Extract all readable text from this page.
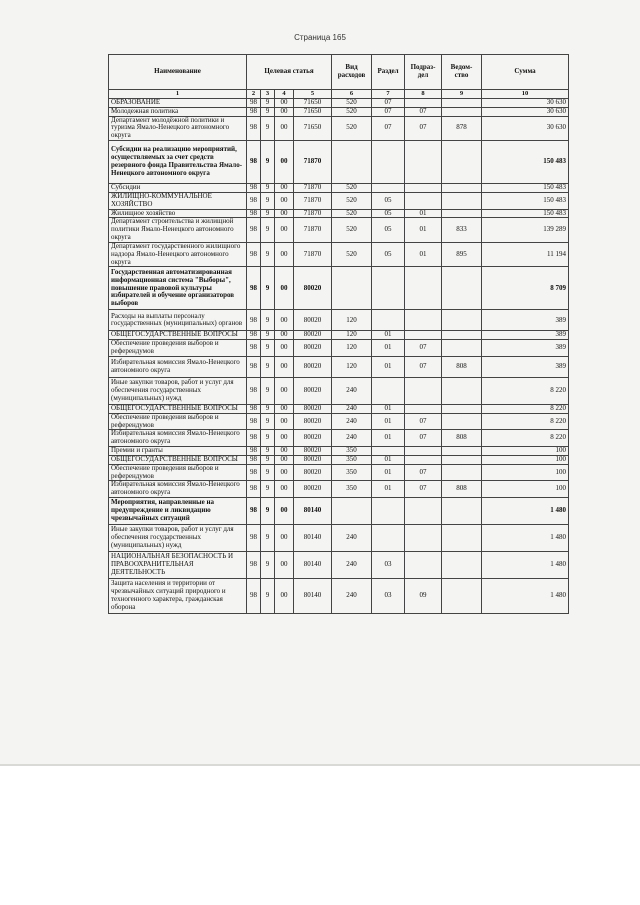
Страница 165
Наименование	Целевая статья				Вид расходов	Раздел	Подраз-дел	Ведом-ство	Сумма
1	2	3	4	5	6	7	8	9	10
ОБРАЗОВАНИЕ	98	9	00	71650	520	07			30 630
Молодежная политика	98	9	00	71650	520	07	07		30 630
Департамент молодёжной политики и туризма Ямало-Ненецкого автономного округа	98	9	00	71650	520	07	07	878	30 630
Субсидии на реализацию мероприятий, осуществляемых за счет средств резервного фонда Правительства Ямало-Ненецкого автономного округа	98	9	00	71870					150 483
Субсидии	98	9	00	71870	520				150 483
ЖИЛИЩНО-КОММУНАЛЬНОЕ ХОЗЯЙСТВО	98	9	00	71870	520	05			150 483
Жилищное хозяйство	98	9	00	71870	520	05	01		150 483
Департамент строительства и жилищной политики Ямало-Ненецкого автономного округа	98	9	00	71870	520	05	01	833	139 289
Департамент государственного жилищного надзора Ямало-Ненецкого автономного округа	98	9	00	71870	520	05	01	895	11 194
Государственная автоматизированная информационная система "Выборы", повышение правовой культуры избирателей и обучение организаторов выборов	98	9	00	80020					8 709
Расходы на выплаты персоналу государственных (муниципальных) органов	98	9	00	80020	120				389
ОБЩЕГОСУДАРСТВЕННЫЕ ВОПРОСЫ	98	9	00	80020	120	01			389
Обеспечение проведения выборов и референдумов	98	9	00	80020	120	01	07		389
Избирательная комиссия Ямало-Ненецкого автономного округа	98	9	00	80020	120	01	07	808	389
Иные закупки товаров, работ и услуг для обеспечения государственных (муниципальных) нужд	98	9	00	80020	240				8 220
ОБЩЕГОСУДАРСТВЕННЫЕ ВОПРОСЫ	98	9	00	80020	240	01			8 220
Обеспечение проведения выборов и референдумов	98	9	00	80020	240	01	07		8 220
Избирательная комиссия Ямало-Ненецкого автономного округа	98	9	00	80020	240	01	07	808	8 220
Премии и гранты	98	9	00	80020	350				100
ОБЩЕГОСУДАРСТВЕННЫЕ ВОПРОСЫ	98	9	00	80020	350	01			100
Обеспечение проведения выборов и референдумов	98	9	00	80020	350	01	07		100
Избирательная комиссия Ямало-Ненецкого автономного округа	98	9	00	80020	350	01	07	808	100
Мероприятия, направленные на предупреждение и ликвидацию чрезвычайных ситуаций	98	9	00	80140					1 480
Иные закупки товаров, работ и услуг для обеспечения государственных (муниципальных) нужд	98	9	00	80140	240				1 480
НАЦИОНАЛЬНАЯ БЕЗОПАСНОСТЬ И ПРАВООХРАНИТЕЛЬНАЯ ДЕЯТЕЛЬНОСТЬ	98	9	00	80140	240	03			1 480
Защита населения и территории от чрезвычайных ситуаций природного и техногенного характера, гражданская оборона	98	9	00	80140	240	03	09		1 480
